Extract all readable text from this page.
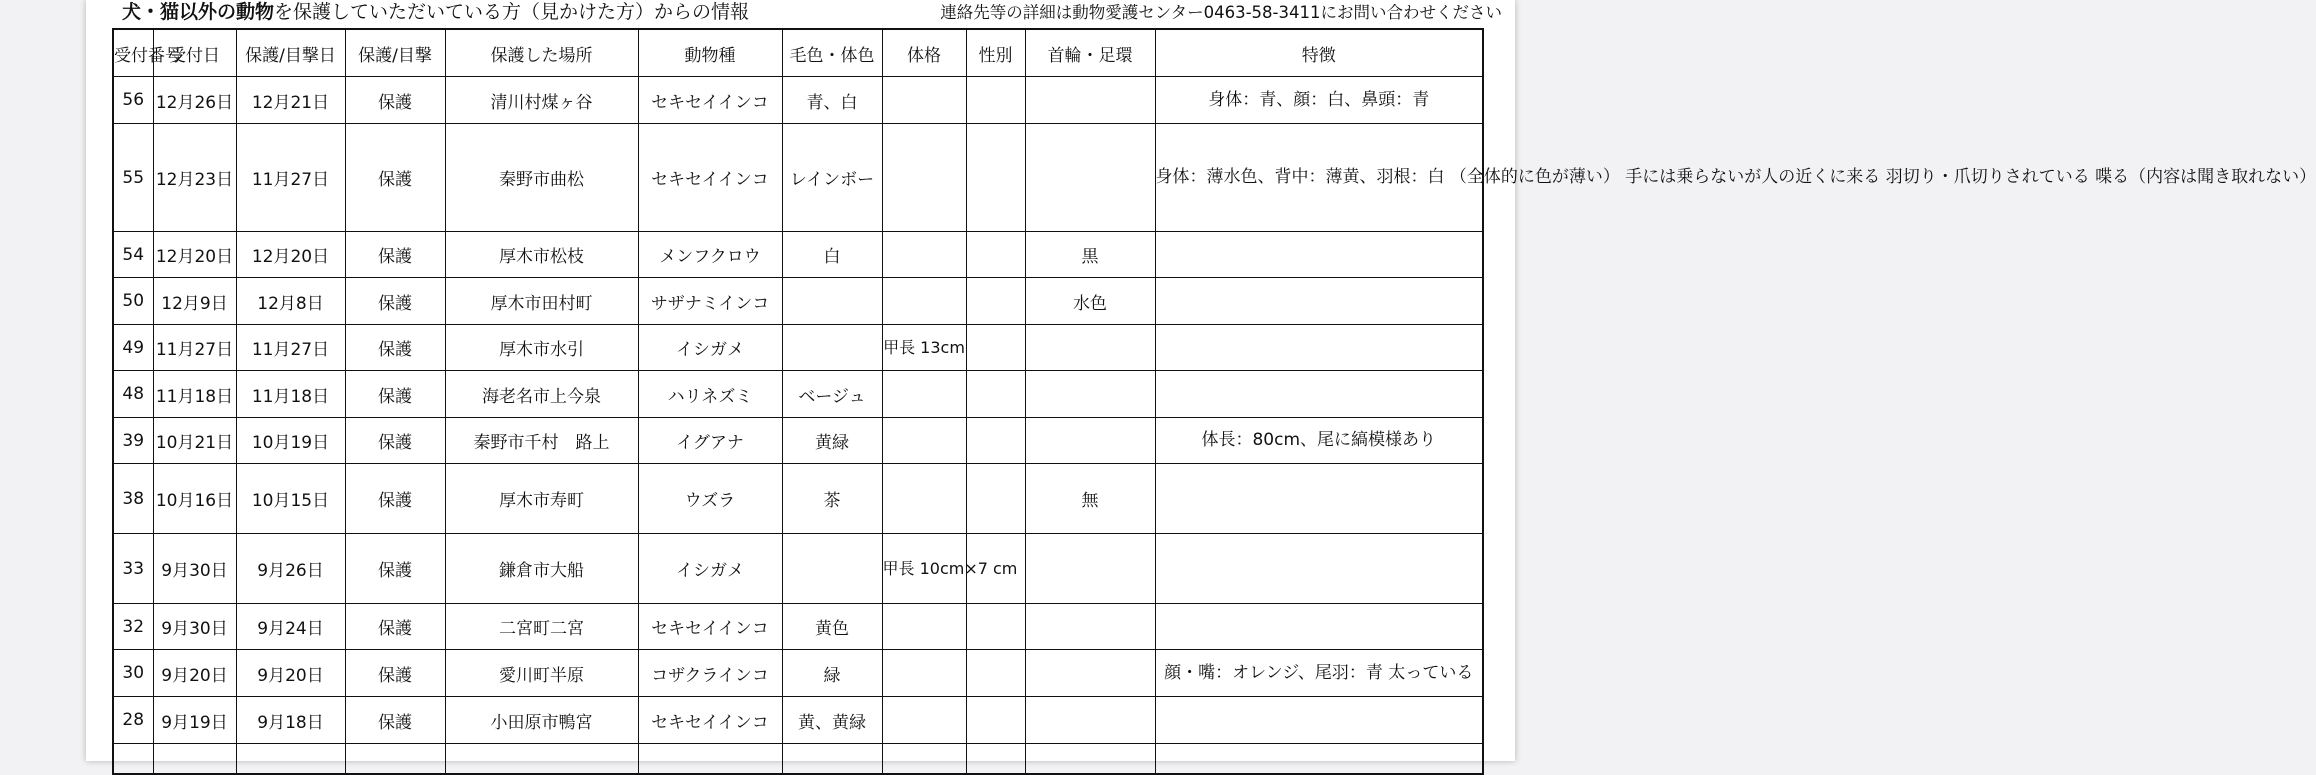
犬・猫以外の動物を保護していただいている方（見かけた方）からの情報	連絡先等の詳細は動物愛護センター0463-58-3411にお問い合わせください
受付番号	受付日	保護/目撃日	保護/目撃	保護した場所	動物種	毛色・体色	体格	性別	首輪・足環	特徴
56	12月26日	12月21日	保護	清川村煤ヶ谷	セキセイインコ	青、白				身体：青、顔：白、鼻頭：青
55	12月23日	11月27日	保護	秦野市曲松	セキセイインコ	レインボー				身体：薄水色、背中：薄黄、羽根：白 （全体的に色が薄い） 手には乗らないが人の近くに来る 羽切り・爪切りされている 喋る（内容は聞き取れない）
54	12月20日	12月20日	保護	厚木市松枝	メンフクロウ	白			黒	
50	12月9日	12月8日	保護	厚木市田村町	サザナミインコ				水色	
49	11月27日	11月27日	保護	厚木市水引	イシガメ		甲長 13cm			
48	11月18日	11月18日	保護	海老名市上今泉	ハリネズミ	ベージュ				
39	10月21日	10月19日	保護	秦野市千村　路上	イグアナ	黄緑				体長：80cm、尾に縞模様あり
38	10月16日	10月15日	保護	厚木市寿町	ウズラ	茶			無	
33	9月30日	9月26日	保護	鎌倉市大船	イシガメ		甲長 10cm×7 cm			
32	9月30日	9月24日	保護	二宮町二宮	セキセイインコ	黄色				
30	9月20日	9月20日	保護	愛川町半原	コザクラインコ	緑				顔・嘴：オレンジ、尾羽：青 太っている
28	9月19日	9月18日	保護	小田原市鴨宮	セキセイインコ	黄、黄緑				
